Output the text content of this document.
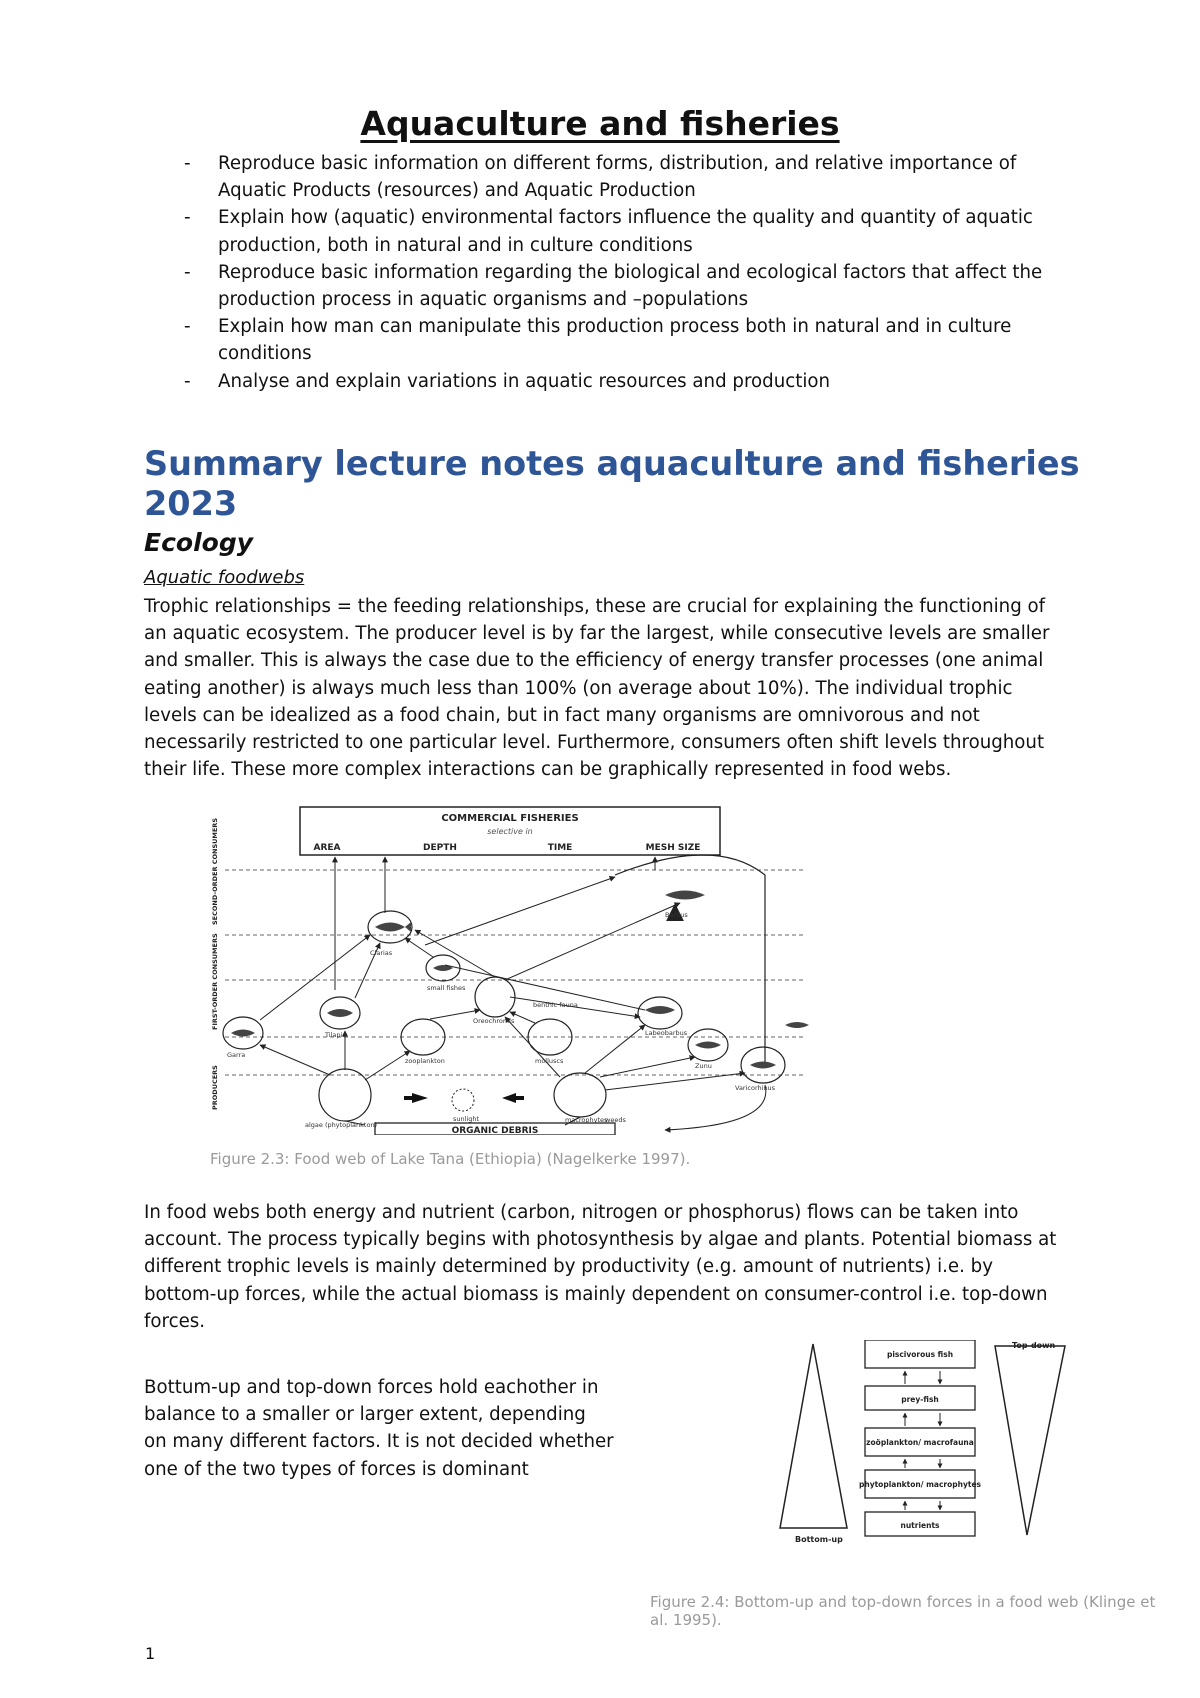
Aquaculture and fisheries
- Reproduce basic information on different forms, distribution, and relative importance of Aquatic Products (resources) and Aquatic Production
- Explain how (aquatic) environmental factors influence the quality and quantity of aquatic production, both in natural and in culture conditions
- Reproduce basic information regarding the biological and ecological factors that affect the production process in aquatic organisms and –populations
- Explain how man can manipulate this production process both in natural and in culture conditions
- Analyse and explain variations in aquatic resources and production
Summary lecture notes aquaculture and fisheries 2023
Ecology
Aquatic foodwebs
Trophic relationships = the feeding relationships, these are crucial for explaining the functioning of an aquatic ecosystem. The producer level is by far the largest, while consecutive levels are smaller and smaller. This is always the case due to the efficiency of energy transfer processes (one animal eating another) is always much less than 100% (on average about 10%). The individual trophic levels can be idealized as a food chain, but in fact many organisms are omnivorous and not necessarily restricted to one particular level. Furthermore, consumers often shift levels throughout their life. These more complex interactions can be graphically represented in food webs.
COMMERCIAL FISHERIES
selective in
AREA	DEPTH	TIME	MESH SIZE
SECOND-ORDER CONSUMERS
FIRST-ORDER CONSUMERS
PRODUCERS
Barbus
Clarias
Tilapia
Garra
small fishes
Oreochromis
benthic fauna
Labeobarbus
zooplankton	molluscs
Zunu
Varicorhinus
macrophytes
algae (phytoplankton)
weeds
sunlight
ORGANIC DEBRIS
Figure 2.3: Food web of Lake Tana (Ethiopia) (Nagelkerke 1997).
In food webs both energy and nutrient (carbon, nitrogen or phosphorus) flows can be taken into account. The process typically begins with photosynthesis by algae and plants. Potential biomass at different trophic levels is mainly determined by productivity (e.g. amount of nutrients) i.e. by bottom-up forces, while the actual biomass is mainly dependent on consumer-control i.e. top-down forces.
Bottum-up and top-down forces hold eachother in balance to a smaller or larger extent, depending on many different factors. It is not decided whether one of the two types of forces is dominant
Bottom-up
Top-down
piscivorous fish
prey-fish
zoöplankton/ macrofauna
phytoplankton/ macrophytes
nutrients
Figure 2.4: Bottom-up and top-down forces in a food web (Klinge et al. 1995).
1
